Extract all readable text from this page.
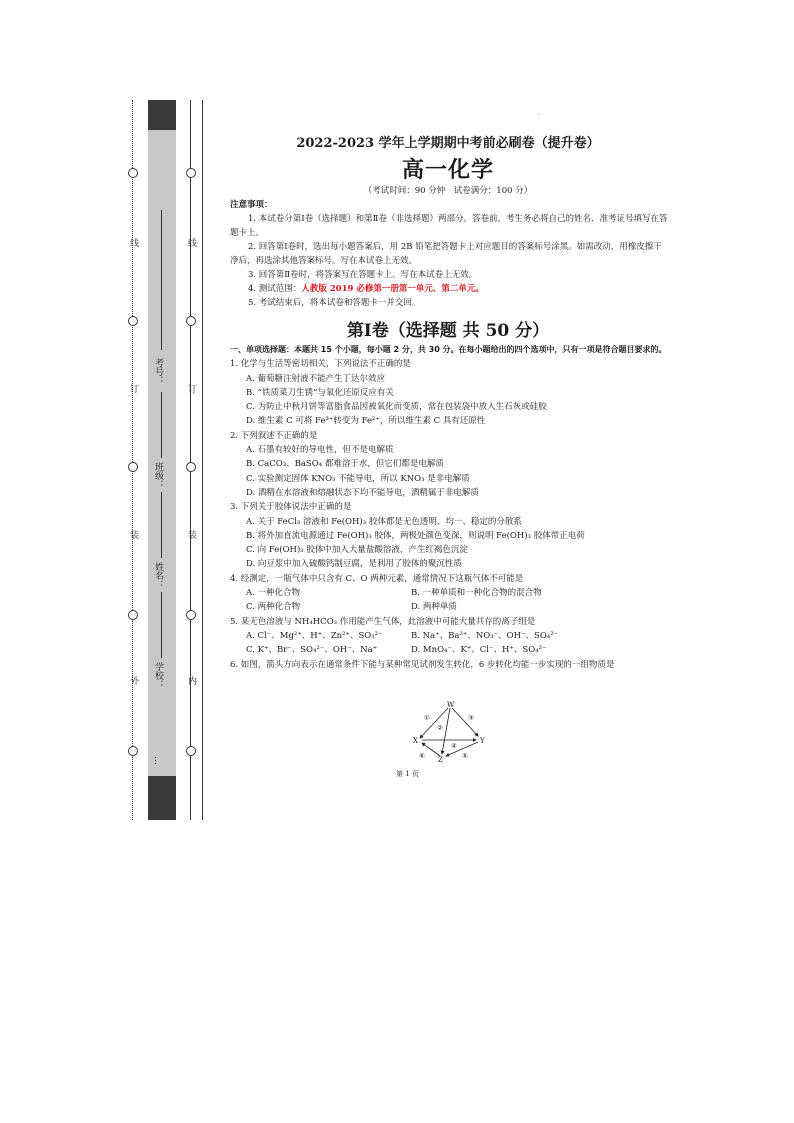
线
订
装
外
线
订
装
内
考号：
班级：
姓名：
学校：
…
·
2022-2023 学年上学期期中考前必刷卷（提升卷）
高一化学
（考试时间：90 分钟　试卷满分：100 分）
注意事项：
1. 本试卷分第Ⅰ卷（选择题）和第Ⅱ卷（非选择题）两部分。答卷前，考生务必将自己的姓名、准考证号填写在答题卡上。
2. 回答第Ⅰ卷时，选出每小题答案后，用 2B 铅笔把答题卡上对应题目的答案标号涂黑。如需改动，用橡皮擦干净后，再选涂其他答案标号。写在本试卷上无效。
3. 回答第Ⅱ卷时，将答案写在答题卡上。写在本试卷上无效。
4. 测试范围：人教版 2019 必修第一册第一单元、第二单元。
5. 考试结束后，将本试卷和答题卡一并交回。
第Ⅰ卷（选择题 共 50 分）
一、单项选择题：本题共 15 个小题，每小题 2 分，共 30 分。在每小题给出的四个选项中，只有一项是符合题目要求的。
1. 化学与生活等密切相关，下列说法不正确的是
A. 葡萄糖注射液不能产生丁达尔效应
B. “铁质菜刀生锈”与氧化还原反应有关
C. 为防止中秋月饼等富脂食品因被氧化而变质，常在包装袋中放入生石灰或硅胶
D. 维生素 C 可将 Fe³⁺转变为 Fe²⁺，所以维生素 C 具有还原性
2. 下列叙述不正确的是
A. 石墨有较好的导电性，但不是电解质
B. CaCO₃、BaSO₄ 都难溶于水，但它们都是电解质
C. 实验测定固体 KNO₃ 不能导电，所以 KNO₃ 是非电解质
D. 酒精在水溶液和熔融状态下均不能导电，酒精属于非电解质
3. 下列关于胶体说法中正确的是
A. 关于 FeCl₃ 溶液和 Fe(OH)₃ 胶体都是无色透明、均一、稳定的分散系
B. 将外加直流电源通过 Fe(OH)₃ 胶体，两极处颜色变深，则说明 Fe(OH)₃ 胶体带正电荷
C. 向 Fe(OH)₃ 胶体中加入大量盐酸溶液，产生红褐色沉淀
D. 向豆浆中加入硫酸钙制豆腐，是利用了胶体的聚沉性质
4. 经测定，一瓶气体中只含有 C、O 两种元素，通常情况下这瓶气体不可能是
A. 一种化合物	B. 一种单质和一种化合物的混合物
C. 两种化合物	D. 两种单质
5. 某无色溶液与 NH₄HCO₃ 作用能产生气体，此溶液中可能大量共存的离子组是
A. Cl⁻、Mg²⁺、H⁺、Zn²⁺、SO₃²⁻	B. Na⁺、Ba²⁺、NO₃⁻、OH⁻、SO₄²⁻
C. K⁺、Br⁻、SO₄²⁻、OH⁻、Na⁺	D. MnO₄⁻、K⁺、Cl⁻、H⁺、SO₄²⁻
6. 如图，箭头方向表示在通常条件下能与某种常见试剂发生转化，6 步转化均能一步实现的一组物质是
W
X	Y
Z
①
②
③
④
⑤
⑥
第 1 页
